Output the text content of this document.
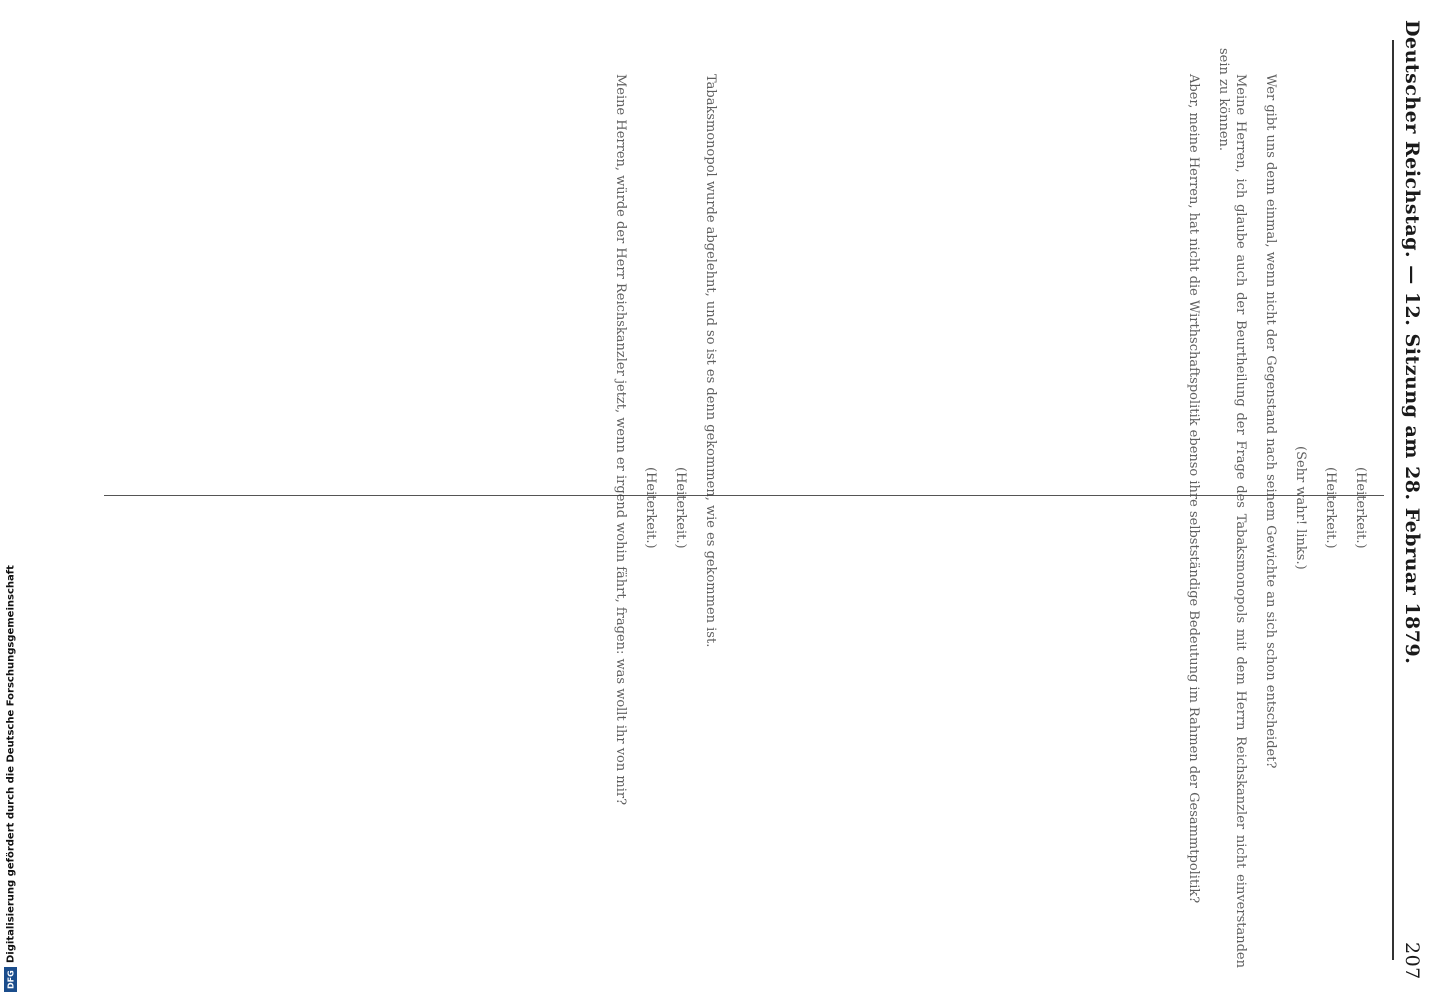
Deutscher Reichstag. — 12. Sitzung am 28. Februar 1879.
207

(Heiterkeit.)

(Heiterkeit.)

(Sehr wahr! links.)

Wer gibt uns denn einmal, wenn nicht der Gegenstand nach seinem Gewichte an sich schon entscheidet?

Meine Herren, ich glaube auch der Beurtheilung der Frage des Tabaksmonopols mit dem Herrn Reichskanzler nicht einverstanden sein zu können.

Aber, meine Herren, hat nicht die Wirthschaftspolitik ebenso ihre selbstständige Bedeutung im Rahmen der Gesammtpolitik?

Tabaksmonopol wurde abgelehnt, und so ist es denn gekommen, wie es gekommen ist.

(Heiterkeit.)

(Heiterkeit.)

Meine Herren, würde der Herr Reichskanzler jetzt, wenn er irgend wohin fährt, fragen: was wollt ihr von mir?

DFG
Digitalisierung gefördert durch die Deutsche Forschungsgemeinschaft
